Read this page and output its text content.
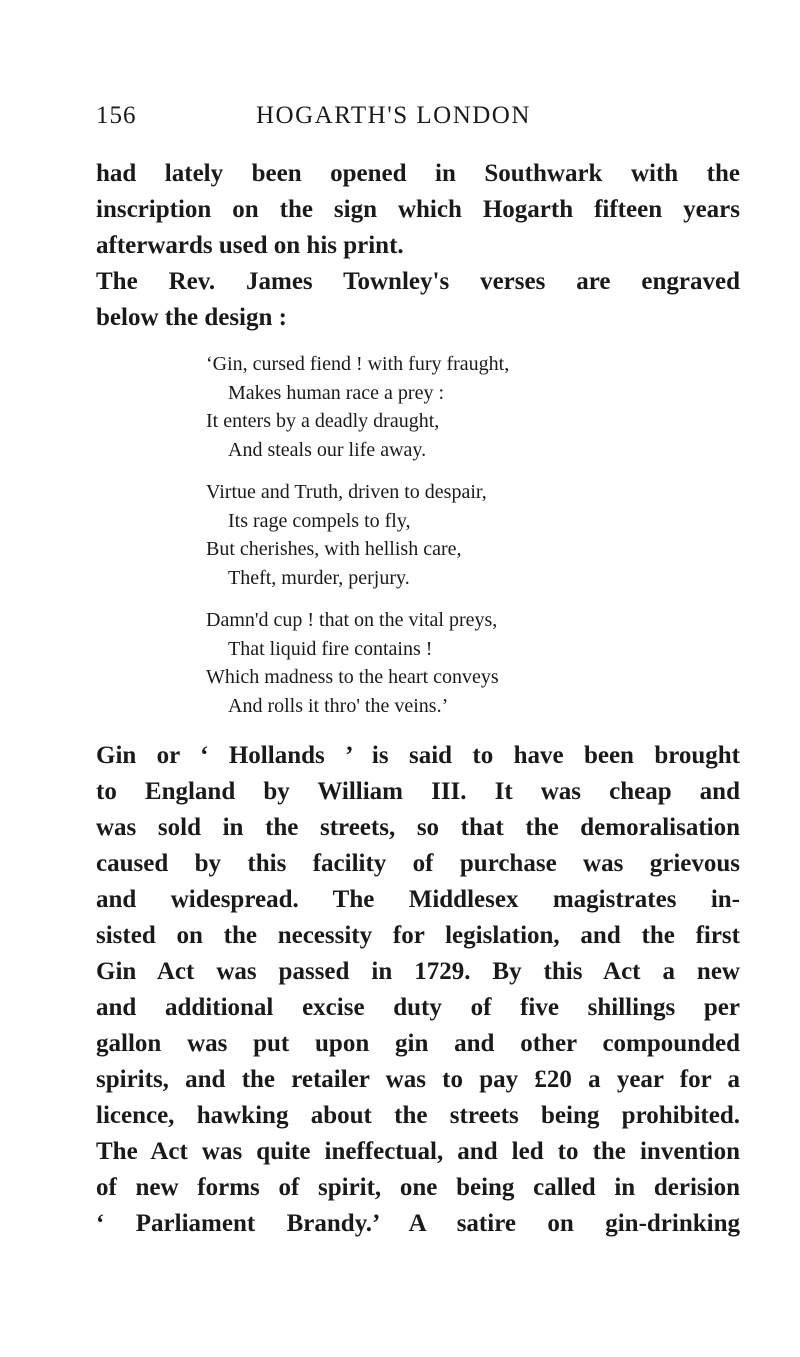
156	HOGARTH'S LONDON

had lately been opened in Southwark with the
inscription on the sign which Hogarth fifteen years
afterwards used on his print.

The Rev. James Townley's verses are engraved
below the design :

‘Gin, cursed fiend ! with fury fraught,
Makes human race a prey :
It enters by a deadly draught,
And steals our life away.
Virtue and Truth, driven to despair,
Its rage compels to fly,
But cherishes, with hellish care,
Theft, murder, perjury.
Damn'd cup ! that on the vital preys,
That liquid fire contains !
Which madness to the heart conveys
And rolls it thro' the veins.’

Gin or ‘ Hollands ’ is said to have been brought
to England by William III. It was cheap and
was sold in the streets, so that the demoralisation
caused by this facility of purchase was grievous
and widespread. The Middlesex magistrates in-
sisted on the necessity for legislation, and the first
Gin Act was passed in 1729. By this Act a new
and additional excise duty of five shillings per
gallon was put upon gin and other compounded
spirits, and the retailer was to pay £20 a year for a
licence, hawking about the streets being prohibited.
The Act was quite ineffectual, and led to the invention
of new forms of spirit, one being called in derision
‘ Parliament Brandy.’ A satire on gin-drinking
